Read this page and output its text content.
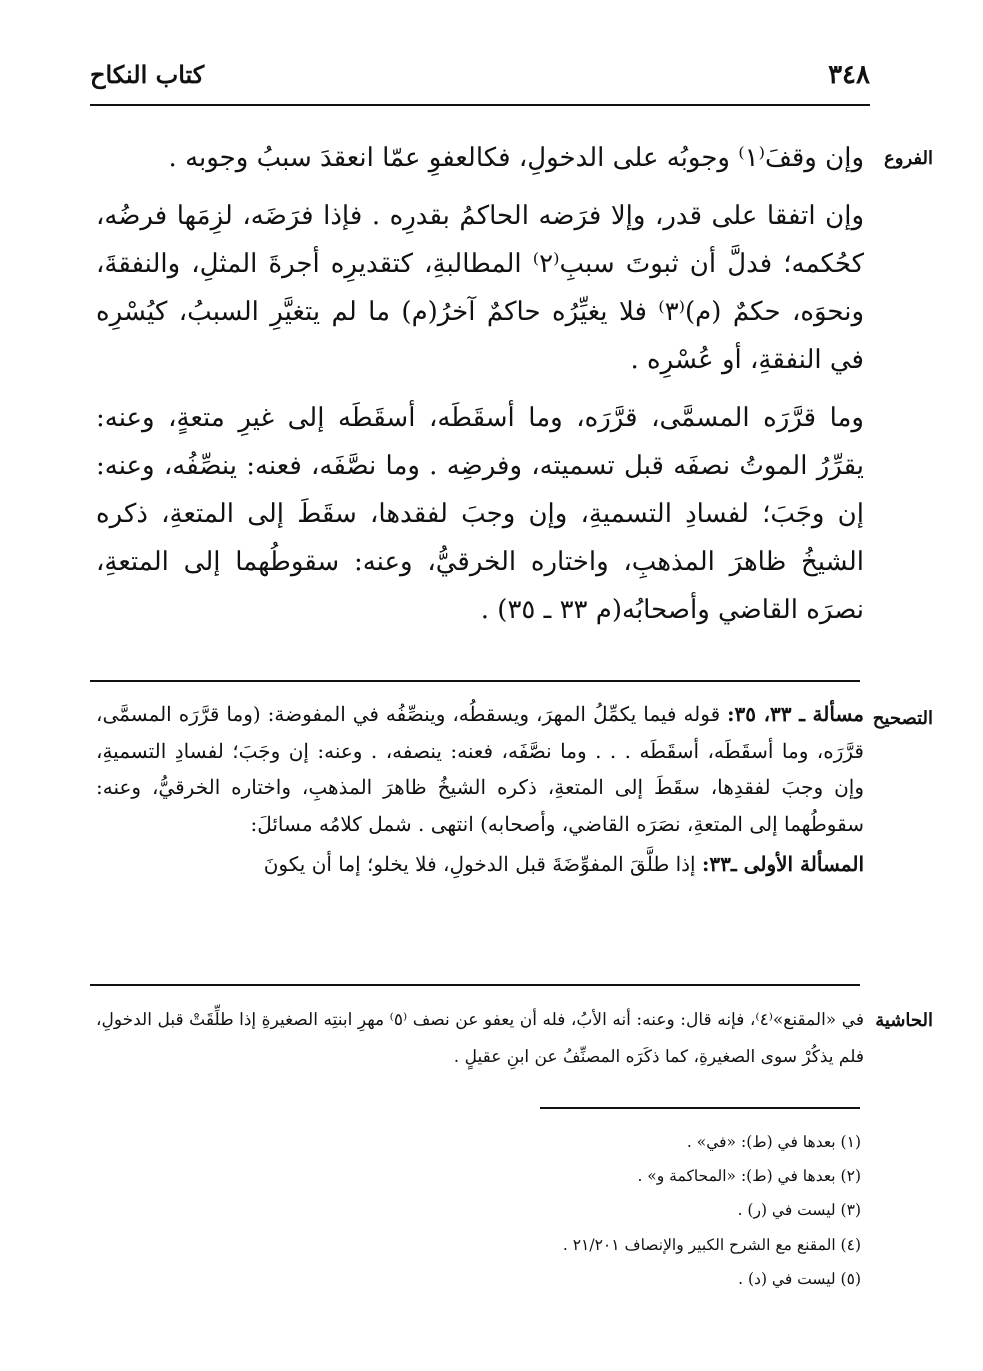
٣٤٨
كتاب النكاح
الفروع
التصحيح
الحاشية

وإن وقفَ⁽١⁾ وجوبُه على الدخولِ، فكالعفوِ عمّا انعقدَ سببُ وجوبه .

وإن اتفقا على قدر، وإلا فرَضه الحاكمُ بقدرِه . فإذا فرَضَه، لزِمَها فرضُه، كحُكمه؛ فدلَّ أن ثبوتَ سببِ⁽٢⁾ المطالبةِ، كتقديرِه أجرةَ المثلِ، والنفقةَ، ونحوَه، حكمٌ (م)⁽٣⁾ فلا يغيِّرُه حاكمٌ آخرُ(م) ما لم يتغيَّرِ السببُ، كيُسْرِه في النفقةِ، أو عُسْرِه .

وما قرَّرَه المسمَّى، قرَّرَه، وما أسقَطَه، أسقَطَه إلى غيرِ متعةٍ، وعنه: يقرِّرُ الموتُ نصفَه قبل تسميته، وفرضِه . وما نصَّفَه، فعنه: ينصِّفُه، وعنه: إن وجَبَ؛ لفسادِ التسميةِ، وإن وجبَ لفقدها، سقَطَ إلى المتعةِ، ذكره الشيخُ ظاهرَ المذهبِ، واختاره الخرقيُّ، وعنه: سقوطُهما إلى المتعةِ، نصرَه القاضي وأصحابُه(م ٣٣ ـ ٣٥) .

مسألة ـ ٣٣، ٣٥: قوله فيما يكمِّلُ المهرَ، ويسقطُه، وينصِّفُه في المفوضة: (وما قرَّرَه المسمَّى، قرَّرَه، وما أسقَطَه، أسقَطَه . . . وما نصَّفَه، فعنه: ينصفه، . وعنه: إن وجَبَ؛ لفسادِ التسميةِ، وإن وجبَ لفقدِها، سقَطَ إلى المتعةِ، ذكره الشيخُ ظاهرَ المذهبِ، واختاره الخرقيُّ، وعنه: سقوطُهما إلى المتعةِ، نصَرَه القاضي، وأصحابه) انتهى . شمل كلامُه مسائلَ:

المسألة الأولى ـ٣٣: إذا طلَّقَ المفوِّضَةَ قبل الدخولِ، فلا يخلو؛ إما أن يكونَ

في «المقنع»⁽٤⁾، فإنه قال: وعنه: أنه الأبُ، فله أن يعفو عن نصف ⁽٥⁾ مهرِ ابنتِه الصغيرةِ إذا طلِّقَتْ قبل الدخولِ، فلم يذكُرْ سوى الصغيرةِ، كما ذكَرَه المصنِّفُ عن ابنِ عقيلٍ .

(١) بعدها في (ط): «في» .

(٢) بعدها في (ط): «المحاكمة و» .

(٣) ليست في (ر) .

(٤) المقنع مع الشرح الكبير والإنصاف ٢١/٢٠١ .

(٥) ليست في (د) .
